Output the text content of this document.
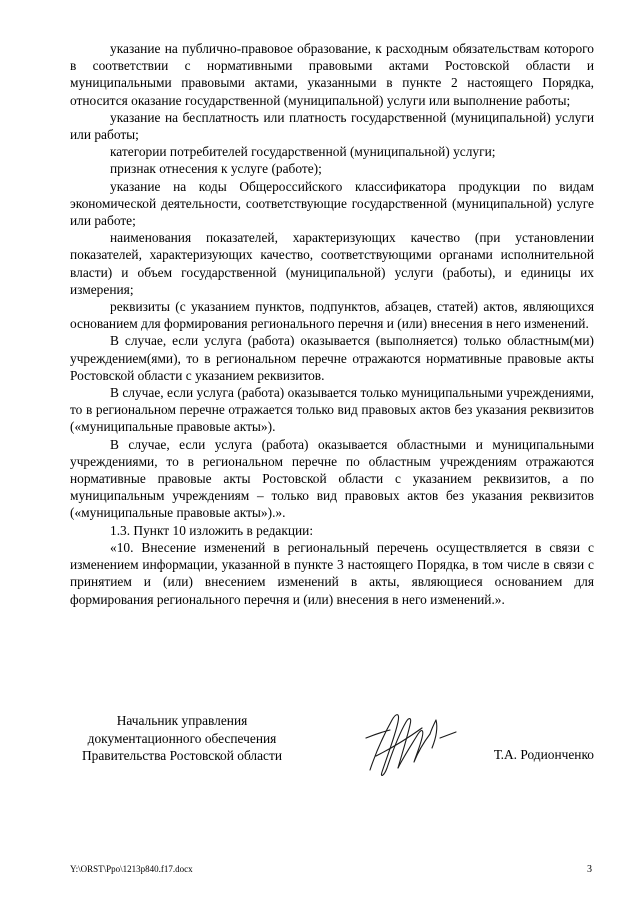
указание на публично-правовое образование, к расходным обязательствам которого в соответствии с нормативными правовыми актами Ростовской области и муниципальными правовыми актами, указанными в пункте 2 настоящего Порядка, относится оказание государственной (муниципальной) услуги или выполнение работы;

указание на бесплатность или платность государственной (муниципальной) услуги или работы;

категории потребителей государственной (муниципальной) услуги;

признак отнесения к услуге (работе);

указание на коды Общероссийского классификатора продукции по видам экономической деятельности, соответствующие государственной (муниципальной) услуге или работе;

наименования показателей, характеризующих качество (при установлении показателей, характеризующих качество, соответствующими органами исполнительной власти) и объем государственной (муниципальной) услуги (работы), и единицы их измерения;

реквизиты (с указанием пунктов, подпунктов, абзацев, статей) актов, являющихся основанием для формирования регионального перечня и (или) внесения в него изменений.

В случае, если услуга (работа) оказывается (выполняется) только областным(ми) учреждением(ями), то в региональном перечне отражаются нормативные правовые акты Ростовской области с указанием реквизитов.

В случае, если услуга (работа) оказывается только муниципальными учреждениями, то в региональном перечне отражается только вид правовых актов без указания реквизитов («муниципальные правовые акты»).

В случае, если услуга (работа) оказывается областными и муниципальными учреждениями, то в региональном перечне по областным учреждениям отражаются нормативные правовые акты Ростовской области с указанием реквизитов, а по муниципальным учреждениям – только вид правовых актов без указания реквизитов («муниципальные правовые акты»).».

1.3. Пункт 10 изложить в редакции:

«10. Внесение изменений в региональный перечень осуществляется в связи с изменением информации, указанной в пункте 3 настоящего Порядка, в том числе в связи с принятием и (или) внесением изменений в акты, являющиеся основанием для формирования регионального перечня и (или) внесения в него изменений.».

Начальник управления
документационного обеспечения
Правительства Ростовской области	Т.А. Родионченко
Y:\ORST\Ppo\1213p840.f17.docx	3
